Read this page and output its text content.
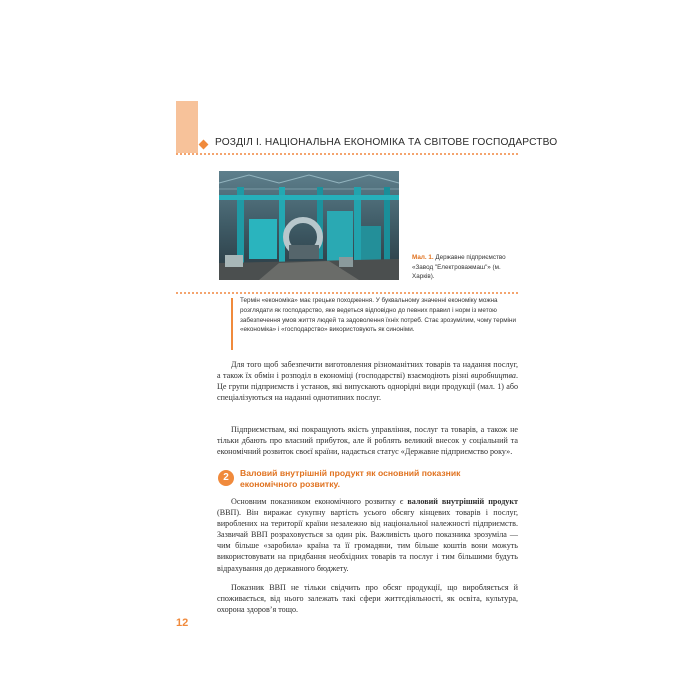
РОЗДІЛ І. НАЦІОНАЛЬНА ЕКОНОМІКА ТА СВІТОВЕ ГОСПОДАРСТВО
Мал. 1. Державне підприємство «Завод "Електроважмаш"» (м. Харків).
Термін «економіка» має грецьке походження. У буквальному значенні економіку можна розглядати як господарство, яке ведеться відповідно до певних правил і норм із метою забезпечення умов життя людей та задоволення їхніх потреб. Стає зрозумілим, чому терміни «економіка» і «господарство» використовують як синоніми.

Для того щоб забезпечити виготовлення різноманітних товарів та надання послуг, а також їх обмін і розподіл в економіці (господарстві) взаємодіють різні виробництва. Це групи підприємств і установ, які випускають однорідні види продукції (мал. 1) або спеціалізуються на наданні однотипних послуг.

Підприємствам, які покращують якість управління, послуг та товарів, а також не тільки дбають про власний прибуток, але й роблять великий внесок у соціальний та економічний розвиток своєї країни, надається статус «Державне підприємство року».

2	Валовий внутрішній продукт як основний показник економічного розвитку.

Основним показником економічного розвитку є валовий внутрішній продукт (ВВП). Він виражає сукупну вартість усього обсягу кінцевих товарів і послуг, вироблених на території країни незалежно від національної належності підприємств. Зазвичай ВВП розраховується за один рік. Важливість цього показника зрозуміла — чим більше «заробила» країна та її громадяни, тим більше коштів вони можуть використовувати на придбання необхідних товарів та послуг і тим більшими будуть відрахування до державного бюджету.

Показник ВВП не тільки свідчить про обсяг продукції, що виробляється й споживається, від нього залежать такі сфери життєдіяльності, як освіта, культура, охорона здоров’я тощо.

12
